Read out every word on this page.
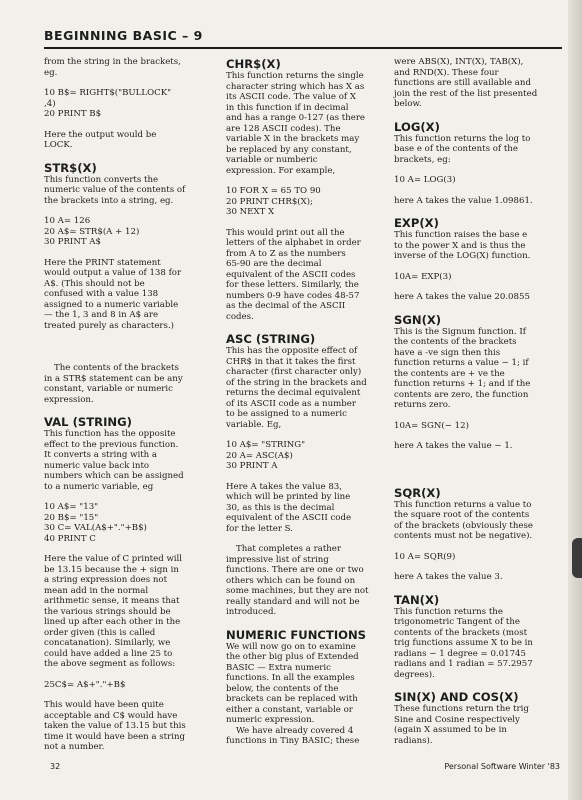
BEGINNING BASIC – 9

from the string in the brackets,
eg.

10 B$= RIGHT$("BULLOCK"
,4)
20 PRINT B$

Here the output would be
LOCK.

STR$(X)

This function converts the
numeric value of the contents of
the brackets into a string, eg.

10 A= 126
20 A$= STR$(A + 12)
30 PRINT A$

Here the PRINT statement
would output a value of 138 for
A$. (This should not be
confused with a value 138
assigned to a numeric variable
— the 1, 3 and 8 in A$ are
treated purely as characters.)

The contents of the brackets
in a STR$ statement can be any
constant, variable or numeric
expression.

VAL (STRING)

This function has the opposite
effect to the previous function.
It converts a string with a
numeric value back into
numbers which can be assigned
to a numeric variable, eg

10 A$= "13"
20 B$= "15"
30 C= VAL(A$+"."+B$)
40 PRINT C

Here the value of C printed will
be 13.15 because the + sign in
a string expression does not
mean add in the normal
arithmetic sense, it means that
the various strings should be
lined up after each other in the
order given (this is called
concatanation). Similarly, we
could have added a line 25 to
the above segment as follows:

25C$= A$+"."+B$

This would have been quite
acceptable and C$ would have
taken the value of 13.15 but this
time it would have been a string
not a number.

CHR$(X)

This function returns the single
character string which has X as
its ASCII code. The value of X
in this function if in decimal
and has a range 0-127 (as there
are 128 ASCII codes). The
variable X in the brackets may
be replaced by any constant,
variable or numberic
expression. For example,

10 FOR X = 65 TO 90
20 PRINT CHR$(X);
30 NEXT X

This would print out all the
letters of the alphabet in order
from A to Z as the numbers
65-90 are the decimal
equivalent of the ASCII codes
for these letters. Similarly, the
numbers 0-9 have codes 48-57
as the decimal of the ASCII
codes.

ASC (STRING)

This has the opposite effect of
CHR$ in that it takes the first
character (first character only)
of the string in the brackets and
returns the decimal equivalent
of its ASCII code as a number
to be assigned to a numeric
variable. Eg,

10 A$= "STRING"
20 A= ASC(A$)
30 PRINT A

Here A takes the value 83,
which will be printed by line
30, as this is the decimal
equivalent of the ASCII code
for the letter S.

That completes a rather
impressive list of string
functions. There are one or two
others which can be found on
some machines, but they are not
really standard and will not be
introduced.

NUMERIC FUNCTIONS

We will now go on to examine
the other big plus of Extended
BASIC — Extra numeric
functions. In all the examples
below, the contents of the
brackets can be replaced with
either a constant, variable or
numeric expression.

We have already covered 4
functions in Tiny BASIC; these

were ABS(X), INT(X), TAB(X),
and RND(X). These four
functions are still available and
join the rest of the list presented
below.

LOG(X)

This function returns the log to
base e of the contents of the
brackets, eg:

10 A= LOG(3)

here A takes the value 1.09861.

EXP(X)

This function raises the base e
to the power X and is thus the
inverse of the LOG(X) function.

10A= EXP(3)

here A takes the value 20.0855

SGN(X)

This is the Signum function. If
the contents of the brackets
have a -ve sign then this
function returns a value − 1; if
the contents are + ve the
function returns + 1; and if the
contents are zero, the function
returns zero.

10A= SGN(− 12)

here A takes the value − 1.

SQR(X)

This function returns a value to
the square root of the contents
of the brackets (obviously these
contents must not be negative).

10 A= SQR(9)

here A takes the value 3.

TAN(X)

This function returns the
trigonometric Tangent of the
contents of the brackets (most
trig functions assume X to be in
radians − 1 degree = 0.01745
radians and 1 radian = 57.2957
degrees).

SIN(X) AND COS(X)

These functions return the trig
Sine and Cosine respectively
(again X assumed to be in
radians).

32	Personal Software Winter '83
